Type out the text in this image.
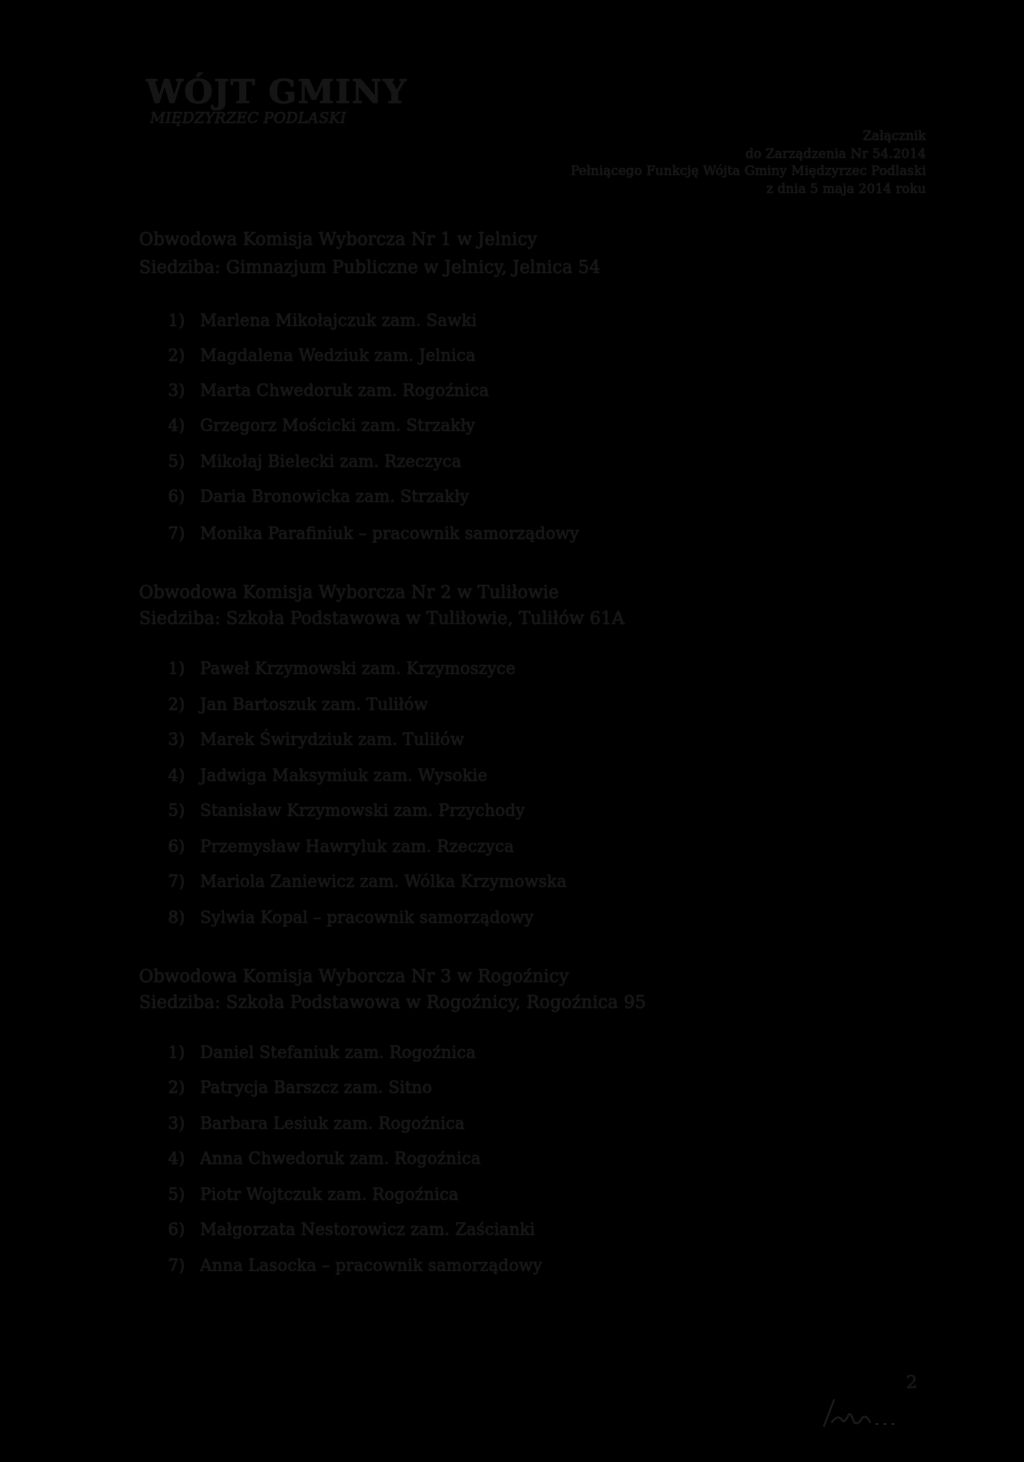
WÓJT GMINY
MIĘDZYRZEC PODLASKI
Załącznik
do Zarządzenia Nr 54.2014
Pełniącego Funkcję Wójta Gminy Międzyrzec Podlaski
z dnia 5 maja 2014 roku
Obwodowa Komisja Wyborcza Nr 1 w Jelnicy
Siedziba: Gimnazjum Publiczne w Jelnicy, Jelnica 54
1) Marlena Mikołajczuk zam. Sawki
2) Magdalena Wedziuk zam. Jelnica
3) Marta Chwedoruk zam. Rogoźnica
4) Grzegorz Mościcki zam. Strzakły
5) Mikołaj Bielecki zam. Rzeczyca
6) Daria Bronowicka zam. Strzakły
7) Monika Parafiniuk – pracownik samorządowy
Obwodowa Komisja Wyborcza Nr 2 w Tuliłowie
Siedziba: Szkoła Podstawowa w Tuliłowie, Tuliłów 61A
1) Paweł Krzymowski zam. Krzymoszyce
2) Jan Bartoszuk zam. Tuliłów
3) Marek Świrydziuk zam. Tuliłów
4) Jadwiga Maksymiuk zam. Wysokie
5) Stanisław Krzymowski zam. Przychody
6) Przemysław Hawryluk zam. Rzeczyca
7) Mariola Zaniewicz zam. Wólka Krzymowska
8) Sylwia Kopal – pracownik samorządowy
Obwodowa Komisja Wyborcza Nr 3 w Rogoźnicy
Siedziba: Szkoła Podstawowa w Rogoźnicy, Rogoźnica 95
1) Daniel Stefaniuk zam. Rogoźnica
2) Patrycja Barszcz zam. Sitno
3) Barbara Lesiuk zam. Rogoźnica
4) Anna Chwedoruk zam. Rogoźnica
5) Piotr Wojtczuk zam. Rogoźnica
6) Małgorzata Nestorowicz zam. Zaścianki
7) Anna Lasocka – pracownik samorządowy
2
